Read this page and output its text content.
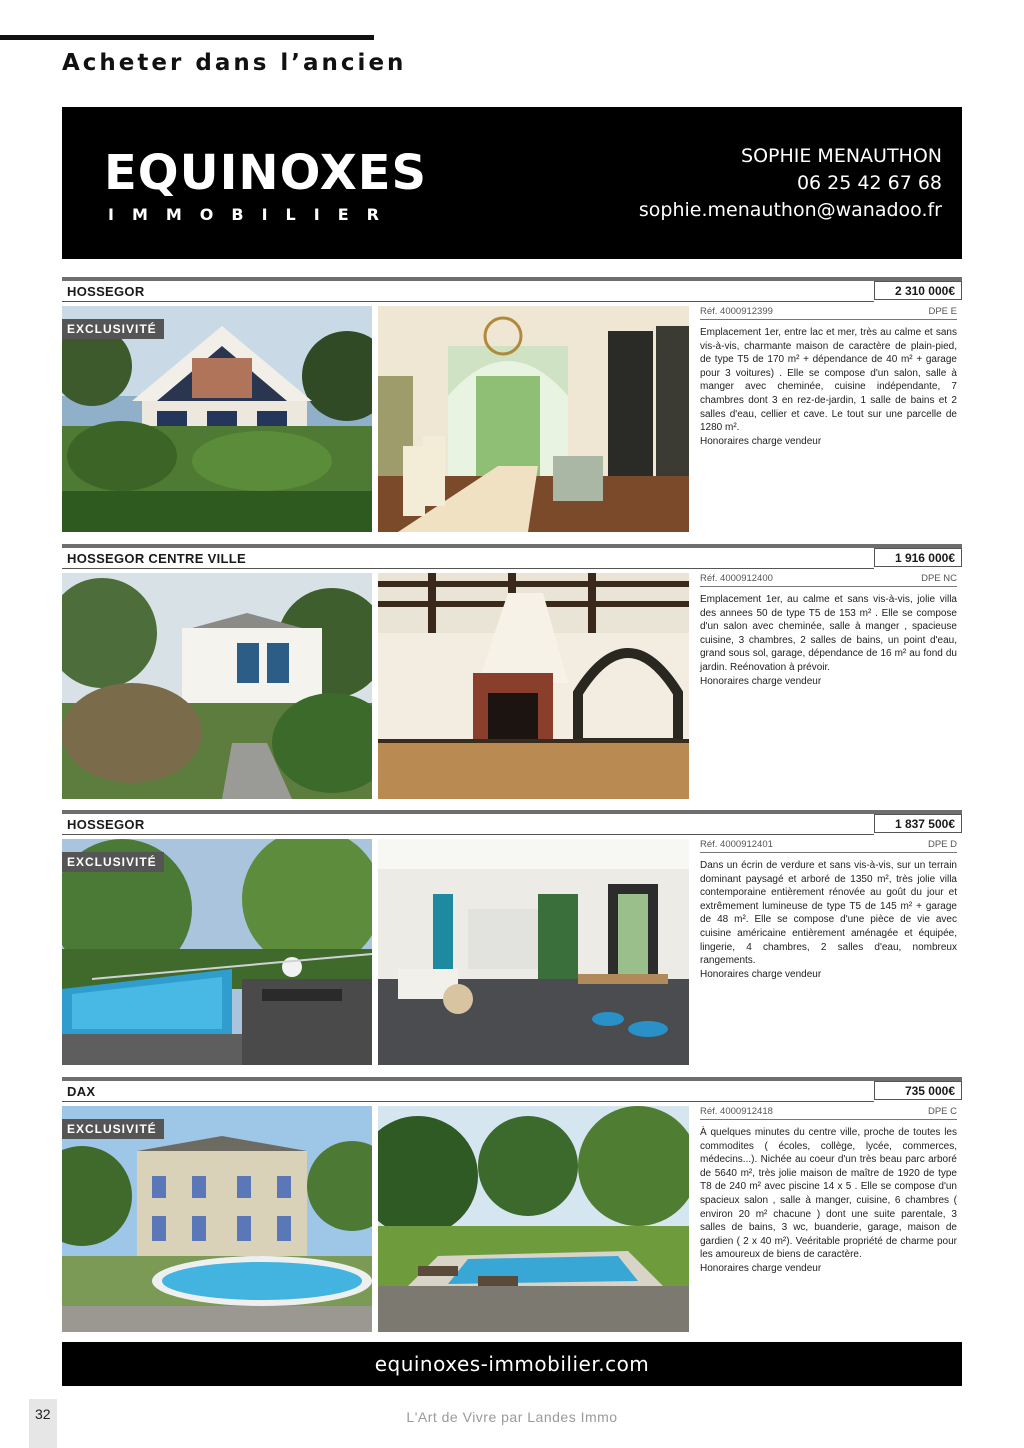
Acheter dans l’ancien
EQUINOXES
IMMOBILIER
SOPHIE MENAUTHON
06 25 42 67 68
sophie.menauthon@wanadoo.fr
HOSSEGOR	2 310 000€
EXCLUSIVITÉ
Réf. 4000912399	DPE E
Emplacement 1er, entre lac et mer, très au calme et sans vis-à-vis, charmante maison de caractère de plain-pied, de type T5 de 170 m² + dépendance de 40 m² + garage pour 3 voitures) . Elle se compose d'un salon, salle à manger avec cheminée, cuisine indépendante, 7 chambres dont 3 en rez-de-jardin, 1 salle de bains et 2 salles d'eau, cellier et cave. Le tout sur une parcelle de 1280 m².
Honoraires charge vendeur
HOSSEGOR CENTRE VILLE	1 916 000€
Réf. 4000912400	DPE NC
Emplacement 1er, au calme et sans vis-à-vis, jolie villa des annees 50 de type T5 de 153 m² . Elle se compose d'un salon avec cheminée, salle à manger , spacieuse cuisine, 3 chambres, 2 salles de bains, un point d'eau, grand sous sol, garage, dépendance de 16 m² au fond du jardin. Reénovation à prévoir.
Honoraires charge vendeur
HOSSEGOR	1 837 500€
EXCLUSIVITÉ
Réf. 4000912401	DPE D
Dans un écrin de verdure et sans vis-à-vis, sur un terrain dominant paysagé et arboré de 1350 m², très jolie villa contemporaine entièrement rénovée au goût du jour et extrêmement lumineuse de type T5 de 145 m² + garage de 48 m². Elle se compose d'une pièce de vie avec cuisine américaine entièrement aménagée et équipée, lingerie, 4 chambres, 2 salles d'eau, nombreux rangements.
Honoraires charge vendeur
DAX	735 000€
EXCLUSIVITÉ
Réf. 4000912418	DPE C
À quelques minutes du centre ville, proche de toutes les commodites ( écoles, collège, lycée, commerces, médecins...). Nichée au coeur d'un très beau parc arboré de 5640 m², très jolie maison de maître de 1920 de type T8 de 240 m² avec piscine 14 x 5 . Elle se compose d'un spacieux salon , salle à manger, cuisine, 6 chambres ( environ 20 m² chacune ) dont une suite parentale, 3 salles de bains, 3 wc, buanderie, garage, maison de gardien ( 2 x 40 m²). Veéritable propriété de charme pour les amoureux de biens de caractère.
Honoraires charge vendeur
equinoxes-immobilier.com
32	L'Art de Vivre par Landes Immo
